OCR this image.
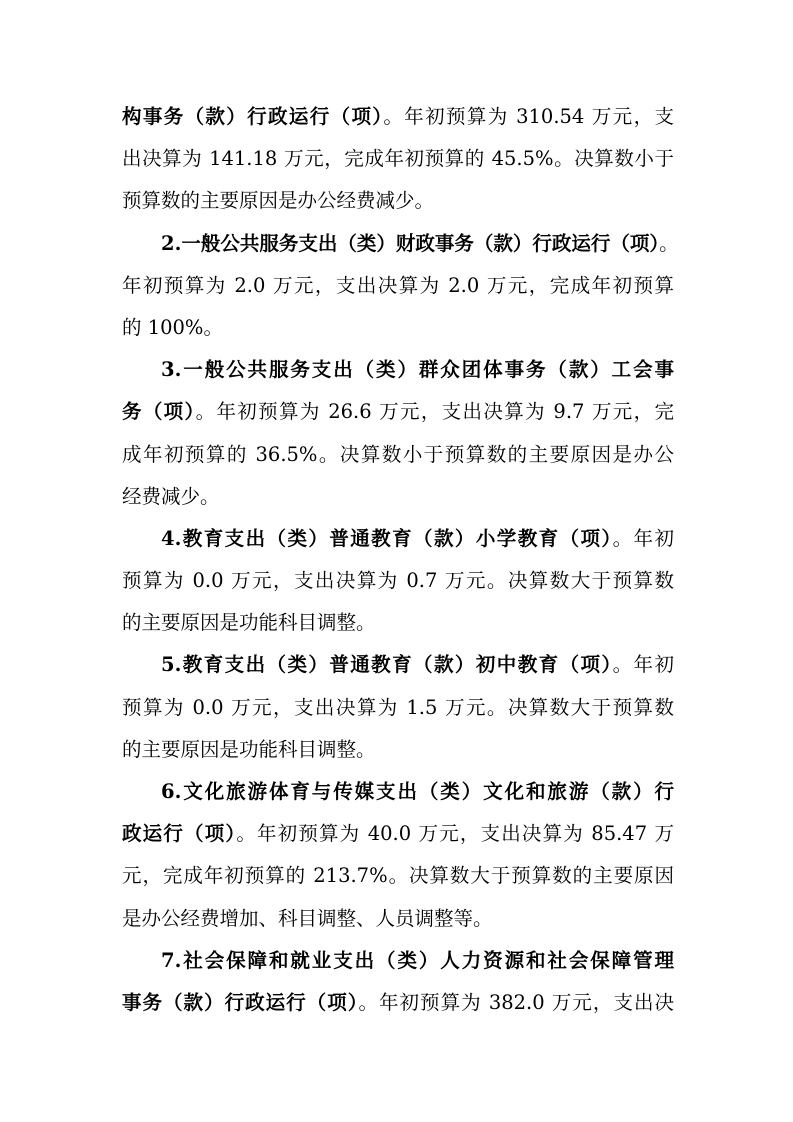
构事务（款）行政运行（项）。年初预算为 310.54 万元，支
出决算为 141.18 万元，完成年初预算的 45.5%。决算数小于
预算数的主要原因是办公经费减少。
2.一般公共服务支出（类）财政事务（款）行政运行（项）。
年初预算为 2.0 万元，支出决算为 2.0 万元，完成年初预算
的 100%。
3.一般公共服务支出（类）群众团体事务（款）工会事
务（项）。年初预算为 26.6 万元，支出决算为 9.7 万元，完
成年初预算的 36.5%。决算数小于预算数的主要原因是办公
经费减少。
4.教育支出（类）普通教育（款）小学教育（项）。年初
预算为 0.0 万元，支出决算为 0.7 万元。决算数大于预算数
的主要原因是功能科目调整。
5.教育支出（类）普通教育（款）初中教育（项）。年初
预算为 0.0 万元，支出决算为 1.5 万元。决算数大于预算数
的主要原因是功能科目调整。
6.文化旅游体育与传媒支出（类）文化和旅游（款）行
政运行（项）。年初预算为 40.0 万元，支出决算为 85.47 万
元，完成年初预算的 213.7%。决算数大于预算数的主要原因
是办公经费增加、科目调整、人员调整等。
7.社会保障和就业支出（类）人力资源和社会保障管理
事务（款）行政运行（项）。年初预算为 382.0 万元，支出决
